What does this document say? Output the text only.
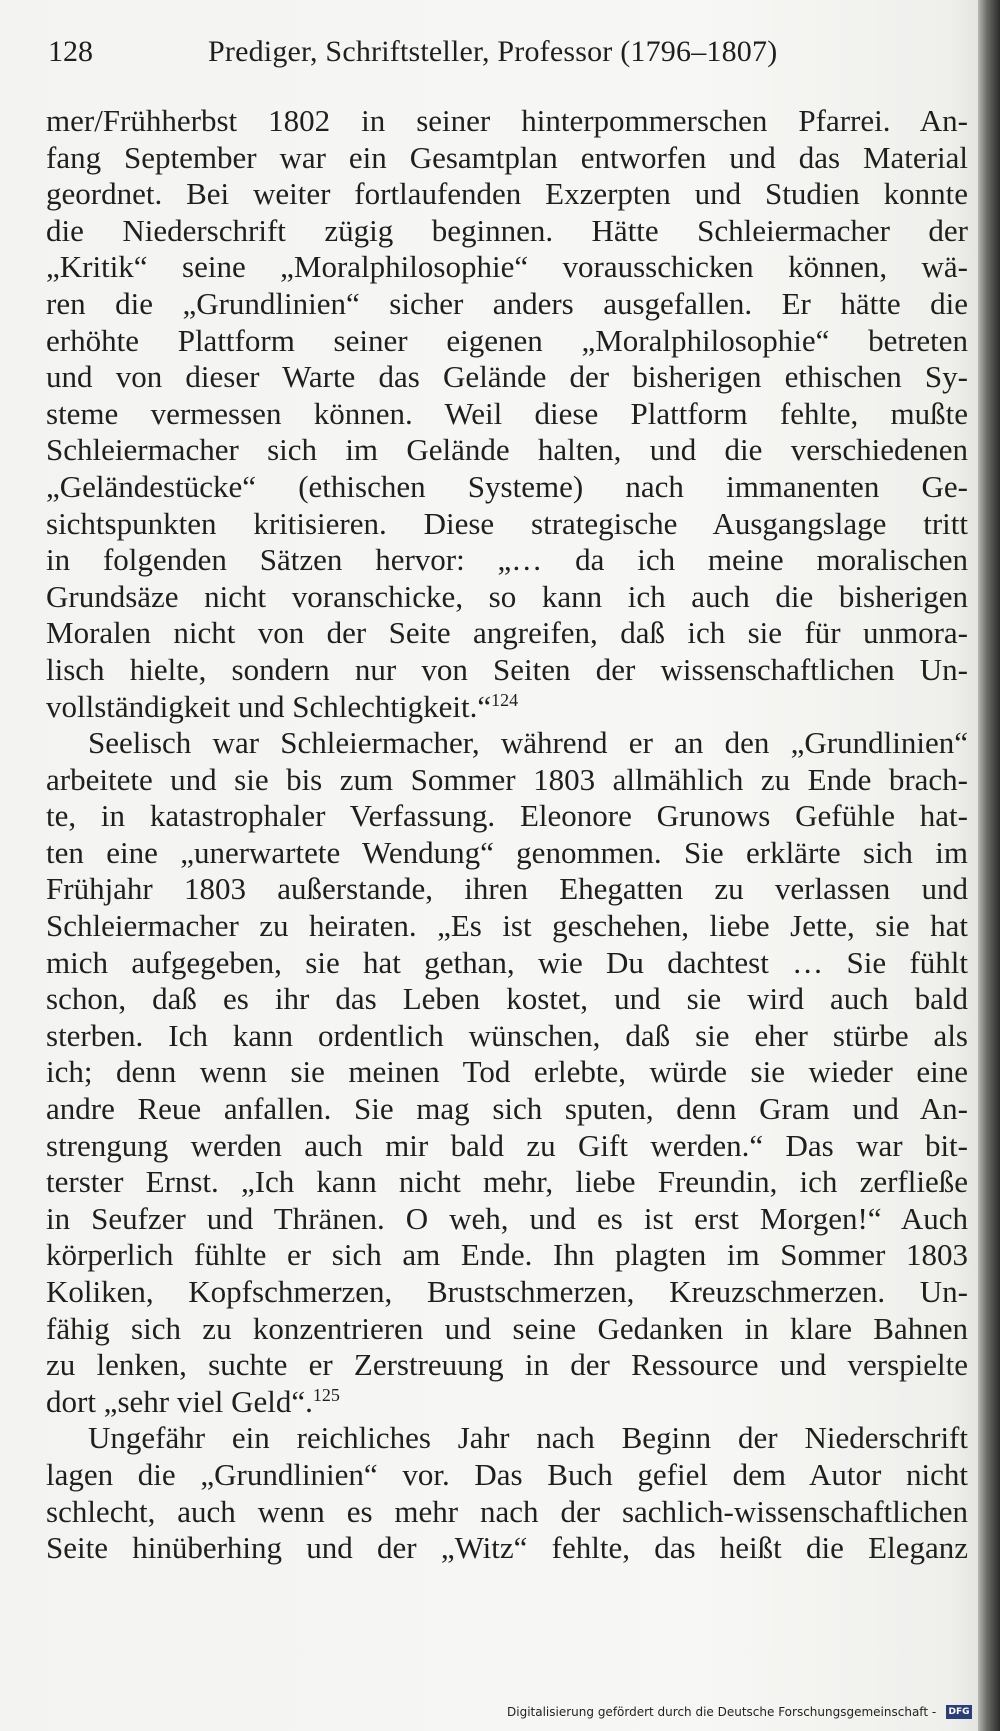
128	Prediger, Schriftsteller, Professor (1796–1807)
mer/Frühherbst 1802 in seiner hinterpommerschen Pfarrei. An-
fang September war ein Gesamtplan entworfen und das Material
geordnet. Bei weiter fortlaufenden Exzerpten und Studien konnte
die Niederschrift zügig beginnen. Hätte Schleiermacher der
„Kritik“ seine „Moralphilosophie“ vorausschicken können, wä-
ren die „Grundlinien“ sicher anders ausgefallen. Er hätte die
erhöhte Plattform seiner eigenen „Moralphilosophie“ betreten
und von dieser Warte das Gelände der bisherigen ethischen Sy-
steme vermessen können. Weil diese Plattform fehlte, mußte
Schleiermacher sich im Gelände halten, und die verschiedenen
„Geländestücke“ (ethischen Systeme) nach immanenten Ge-
sichtspunkten kritisieren. Diese strategische Ausgangslage tritt
in folgenden Sätzen hervor: „… da ich meine moralischen
Grundsäze nicht voranschicke, so kann ich auch die bisherigen
Moralen nicht von der Seite angreifen, daß ich sie für unmora-
lisch hielte, sondern nur von Seiten der wissenschaftlichen Un-
vollständigkeit und Schlechtigkeit.“$^{124}$
Seelisch war Schleiermacher, während er an den „Grundlinien“
arbeitete und sie bis zum Sommer 1803 allmählich zu Ende brach-
te, in katastrophaler Verfassung. Eleonore Grunows Gefühle hat-
ten eine „unerwartete Wendung“ genommen. Sie erklärte sich im
Frühjahr 1803 außerstande, ihren Ehegatten zu verlassen und
Schleiermacher zu heiraten. „Es ist geschehen, liebe Jette, sie hat
mich aufgegeben, sie hat gethan, wie Du dachtest … Sie fühlt
schon, daß es ihr das Leben kostet, und sie wird auch bald
sterben. Ich kann ordentlich wünschen, daß sie eher stürbe als
ich; denn wenn sie meinen Tod erlebte, würde sie wieder eine
andre Reue anfallen. Sie mag sich sputen, denn Gram und An-
strengung werden auch mir bald zu Gift werden.“ Das war bit-
terster Ernst. „Ich kann nicht mehr, liebe Freundin, ich zerfließe
in Seufzer und Thränen. O weh, und es ist erst Morgen!“ Auch
körperlich fühlte er sich am Ende. Ihn plagten im Sommer 1803
Koliken, Kopfschmerzen, Brustschmerzen, Kreuzschmerzen. Un-
fähig sich zu konzentrieren und seine Gedanken in klare Bahnen
zu lenken, suchte er Zerstreuung in der Ressource und verspielte
dort „sehr viel Geld“.$^{125}$
Ungefähr ein reichliches Jahr nach Beginn der Niederschrift
lagen die „Grundlinien“ vor. Das Buch gefiel dem Autor nicht
schlecht, auch wenn es mehr nach der sachlich-wissenschaftlichen
Seite hinüberhing und der „Witz“ fehlte, das heißt die Eleganz
Digitalisierung gefördert durch die Deutsche Forschungsgemeinschaft - DFG
